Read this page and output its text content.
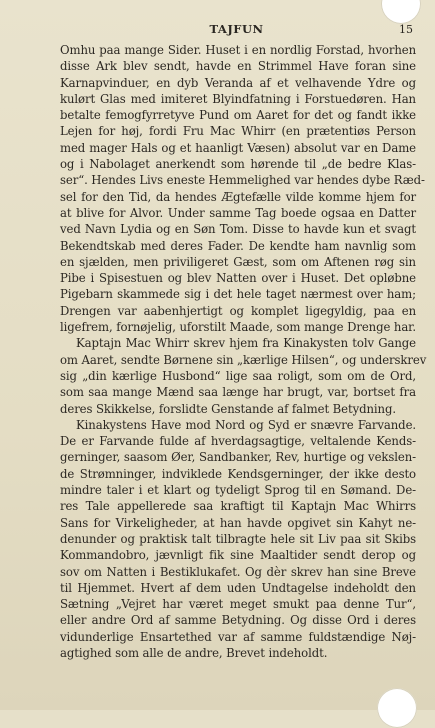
TAJFUN	15
Omhu paa mange Sider. Huset i en nordlig Forstad, hvorhen
disse Ark blev sendt, havde en Strimmel Have foran sine
Karnapvinduer, en dyb Veranda af et velhavende Ydre og
kulørt Glas med imiteret Blyindfatning i Forstuedøren. Han
betalte femogfyrretyve Pund om Aaret for det og fandt ikke
Lejen for høj, fordi Fru Mac Whirr (en prætentiøs Person
med mager Hals og et haanligt Væsen) absolut var en Dame
og i Nabolaget anerkendt som hørende til „de bedre Klas-
ser“. Hendes Livs eneste Hemmelighed var hendes dybe Ræd-
sel for den Tid, da hendes Ægtefælle vilde komme hjem for
at blive for Alvor. Under samme Tag boede ogsaa en Datter
ved Navn Lydia og en Søn Tom. Disse to havde kun et svagt
Bekendtskab med deres Fader. De kendte ham navnlig som
en sjælden, men priviligeret Gæst, som om Aftenen røg sin
Pibe i Spisestuen og blev Natten over i Huset. Det opløbne
Pigebarn skammede sig i det hele taget nærmest over ham;
Drengen var aabenhjertigt og komplet ligegyldig, paa en
ligefrem, fornøjelig, uforstilt Maade, som mange Drenge har.
Kaptajn Mac Whirr skrev hjem fra Kinakysten tolv Gange
om Aaret, sendte Børnene sin „kærlige Hilsen“, og underskrev
sig „din kærlige Husbond“ lige saa roligt, som om de Ord,
som saa mange Mænd saa længe har brugt, var, bortset fra
deres Skikkelse, forslidte Genstande af falmet Betydning.
Kinakystens Have mod Nord og Syd er snævre Farvande.
De er Farvande fulde af hverdagsagtige, veltalende Kends-
gerninger, saasom Øer, Sandbanker, Rev, hurtige og vekslen-
de Strømninger, indviklede Kendsgerninger, der ikke desto
mindre taler i et klart og tydeligt Sprog til en Sømand. De-
res Tale appellerede saa kraftigt til Kaptajn Mac Whirrs
Sans for Virkeligheder, at han havde opgivet sin Kahyt ne-
denunder og praktisk talt tilbragte hele sit Liv paa sit Skibs
Kommandobro, jævnligt fik sine Maaltider sendt derop og
sov om Natten i Bestiklukafet. Og dèr skrev han sine Breve
til Hjemmet. Hvert af dem uden Undtagelse indeholdt den
Sætning „Vejret har været meget smukt paa denne Tur“,
eller andre Ord af samme Betydning. Og disse Ord i deres
vidunderlige Ensartethed var af samme fuldstændige Nøj-
agtighed som alle de andre, Brevet indeholdt.
